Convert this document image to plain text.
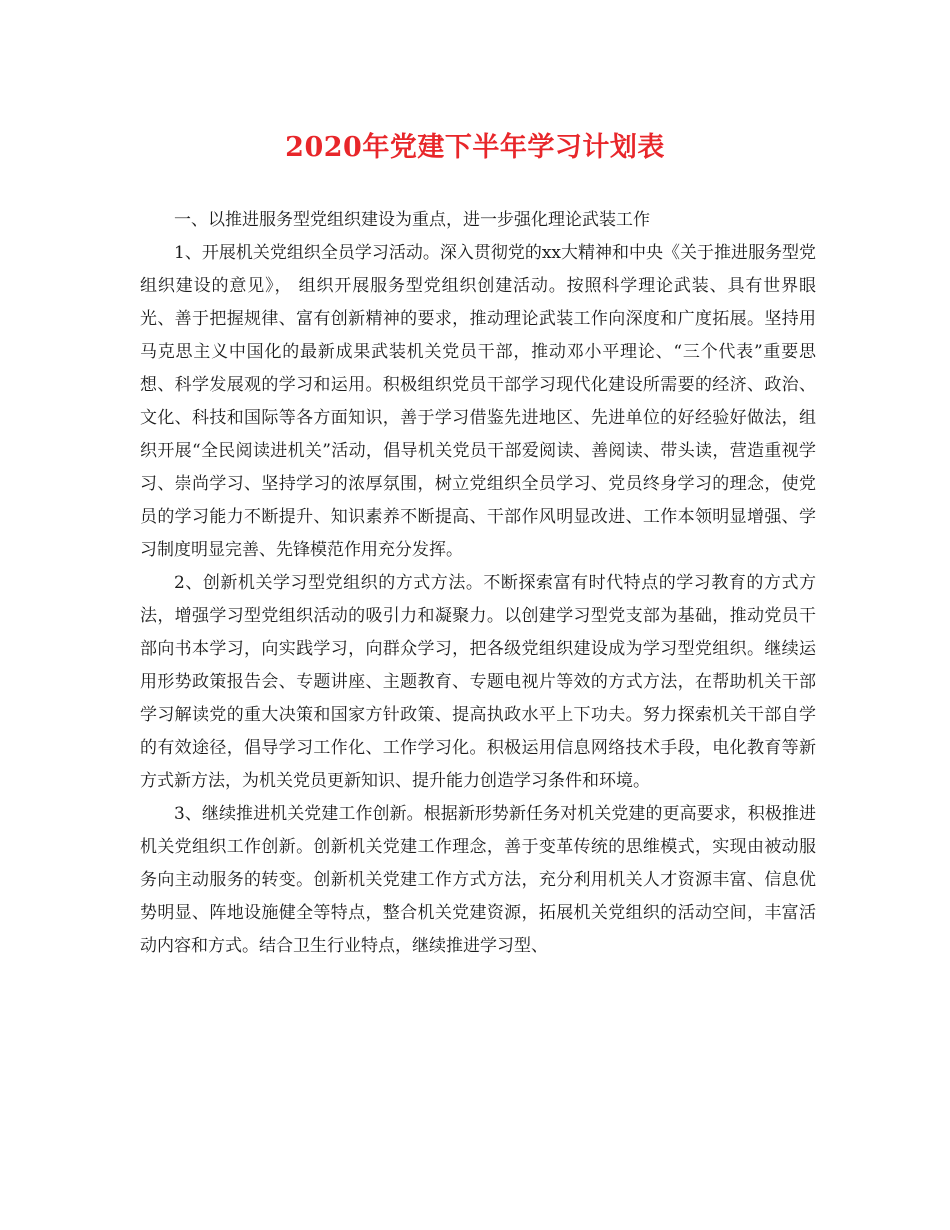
2020年党建下半年学习计划表

一、以推进服务型党组织建设为重点，进一步强化理论武装工作

1、开展机关党组织全员学习活动。深入贯彻党的xx大精神和中央《关于推进服务型党组织建设的意见》， 组织开展服务型党组织创建活动。按照科学理论武装、具有世界眼光、善于把握规律、富有创新精神的要求，推动理论武装工作向深度和广度拓展。坚持用马克思主义中国化的最新成果武装机关党员干部，推动邓小平理论、“三个代表”重要思想、科学发展观的学习和运用。积极组织党员干部学习现代化建设所需要的经济、政治、文化、科技和国际等各方面知识，善于学习借鉴先进地区、先进单位的好经验好做法，组织开展“全民阅读进机关”活动，倡导机关党员干部爱阅读、善阅读、带头读，营造重视学习、崇尚学习、坚持学习的浓厚氛围，树立党组织全员学习、党员终身学习的理念，使党员的学习能力不断提升、知识素养不断提高、干部作风明显改进、工作本领明显增强、学习制度明显完善、先锋模范作用充分发挥。

2、创新机关学习型党组织的方式方法。不断探索富有时代特点的学习教育的方式方法，增强学习型党组织活动的吸引力和凝聚力。以创建学习型党支部为基础，推动党员干部向书本学习，向实践学习，向群众学习，把各级党组织建设成为学习型党组织。继续运用形势政策报告会、专题讲座、主题教育、专题电视片等效的方式方法，在帮助机关干部学习解读党的重大决策和国家方针政策、提高执政水平上下功夫。努力探索机关干部自学的有效途径，倡导学习工作化、工作学习化。积极运用信息网络技术手段，电化教育等新方式新方法，为机关党员更新知识、提升能力创造学习条件和环境。

3、继续推进机关党建工作创新。根据新形势新任务对机关党建的更高要求，积极推进机关党组织工作创新。创新机关党建工作理念，善于变革传统的思维模式，实现由被动服务向主动服务的转变。创新机关党建工作方式方法，充分利用机关人才资源丰富、信息优势明显、阵地设施健全等特点，整合机关党建资源，拓展机关党组织的活动空间，丰富活动内容和方式。结合卫生行业特点，继续推进学习型、
